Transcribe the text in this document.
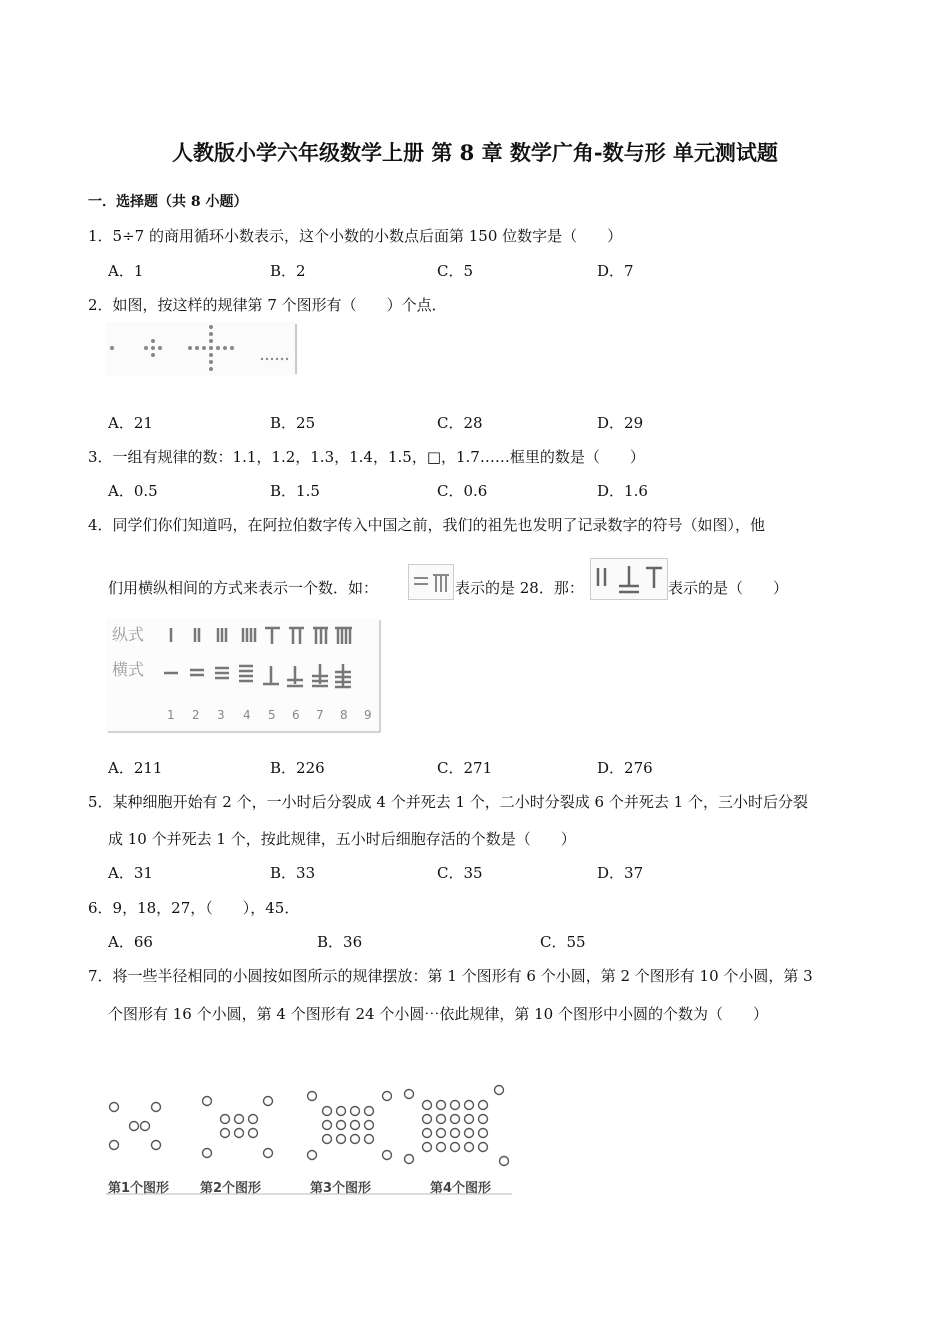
人教版小学六年级数学上册 第 8 章 数学广角-数与形 单元测试题
一．选择题（共 8 小题）
1．5÷7 的商用循环小数表示，这个小数的小数点后面第 150 位数字是（　　）
A．1	B．2	C．5	D．7
2．如图，按这样的规律第 7 个图形有（　　）个点．
A．21	B．25	C．28	D．29
3．一组有规律的数：1.1，1.2，1.3，1.4，1.5，□，1.7……框里的数是（　　）
A．0.5	B．1.5	C．0.6	D．1.6
4．同学们你们知道吗，在阿拉伯数字传入中国之前，我们的祖先也发明了记录数字的符号（如图），他
们用横纵相间的方式来表示一个数．如：	表示的是 28．那：	表示的是（　　）
纵式
横式
1 2 3 4 5 6 7 8 9
A．211	B．226	C．271	D．276
5．某种细胞开始有 2 个，一小时后分裂成 4 个并死去 1 个，二小时分裂成 6 个并死去 1 个，三小时后分裂
成 10 个并死去 1 个，按此规律，五小时后细胞存活的个数是（　　）
A．31	B．33	C．35	D．37
6．9，18，27，（　　），45．
A．66	B．36	C．55
7．将一些半径相同的小圆按如图所示的规律摆放：第 1 个图形有 6 个小圆，第 2 个图形有 10 个小圆，第 3
个图形有 16 个小圆，第 4 个图形有 24 个小圆⋯依此规律，第 10 个图形中小圆的个数为（　　）
第1个图形 第2个图形	第3个图形	第4个图形
